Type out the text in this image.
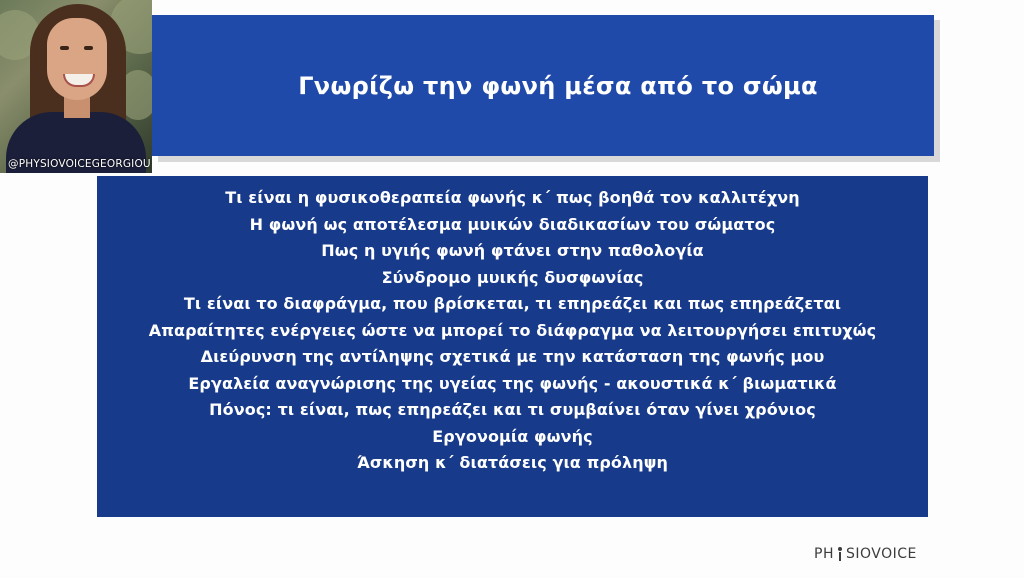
Γνωρίζω την φωνή μέσα από το σώμα
Τι είναι η φυσικοθεραπεία φωνής κ΄ πως βοηθά τον καλλιτέχνη
Η φωνή ως αποτέλεσμα μυικών διαδικασίων του σώματος
Πως η υγιής φωνή φτάνει στην παθολογία
Σύνδρομο μυικής δυσφωνίας
Τι είναι το διαφράγμα, που βρίσκεται, τι επηρεάζει και πως επηρεάζεται
Απαραίτητες ενέργειες ώστε να μπορεί το διάφραγμα να λειτουργήσει επιτυχώς
Διεύρυνση της αντίληψης σχετικά με την κατάσταση της φωνής μου
Εργαλεία αναγνώρισης της υγείας της φωνής - ακουστικά κ΄ βιωματικά
Πόνος: τι είναι, πως επηρεάζει και τι συμβαίνει όταν γίνει χρόνιος
Εργονομία φωνής
Άσκηση κ΄ διατάσεις για πρόληψη
@PHYSIOVOICEGEORGIOU
PH SIOVOICE
